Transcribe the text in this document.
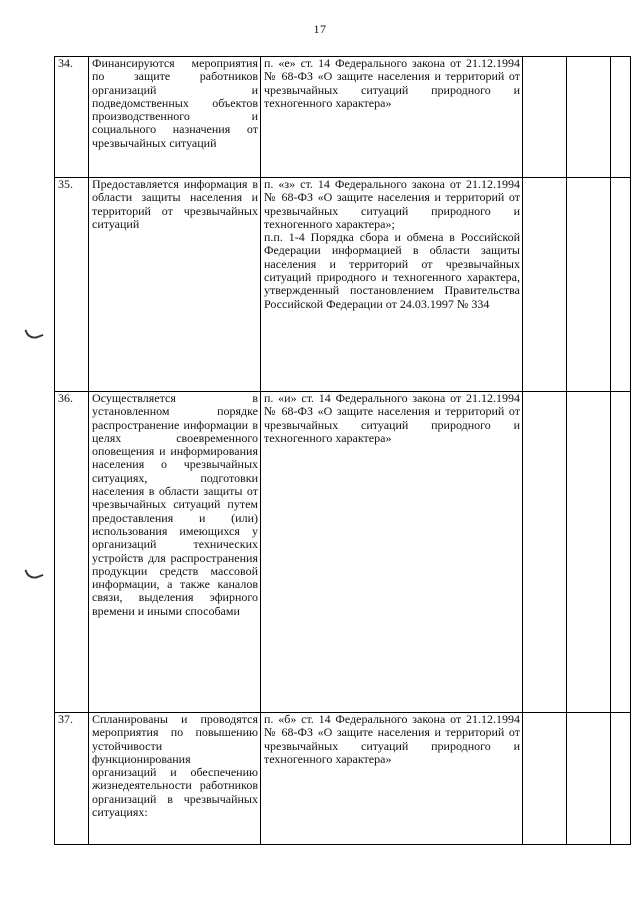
17
34.	Финансируются мероприятия по защите работников организаций и подведомственных объектов производственного и социального назначения от чрезвычайных ситуаций	п. «е» ст. 14 Федерального закона от 21.12.1994 № 68-ФЗ «О защите населения и территорий от чрезвычайных ситуаций природного и техногенного характера»			

35.	Предоставляется информация в области защиты населения и территорий от чрезвычайных ситуаций	п. «з» ст. 14 Федерального закона от 21.12.1994 № 68-ФЗ «О защите населения и территорий от чрезвычайных ситуаций природного и техногенного характера»;
п.п. 1-4 Порядка сбора и обмена в Российской Федерации информацией в области защиты населения и территорий от чрезвычайных ситуаций природного и техногенного характера, утвержденный постановлением Правительства Российской Федерации от 24.03.1997 № 334			

36.	Осуществляется в установленном порядке распространение информации в целях своевременного оповещения и информирования населения о чрезвычайных ситуациях, подготовки населения в области защиты от чрезвычайных ситуаций путем предоставления и (или) использования имеющихся у организаций технических устройств для распространения продукции средств массовой информации, а также каналов связи, выделения эфирного времени и иными способами	п. «и» ст. 14 Федерального закона от 21.12.1994 № 68-ФЗ «О защите населения и территорий от чрезвычайных ситуаций природного и техногенного характера»			

37.	Спланированы и проводятся мероприятия по повышению устойчивости функционирования организаций и обеспечению жизнедеятельности работников организаций в чрезвычайных ситуациях:	п. «б» ст. 14 Федерального закона от 21.12.1994 № 68-ФЗ «О защите населения и территорий от чрезвычайных ситуаций природного и техногенного характера»			
